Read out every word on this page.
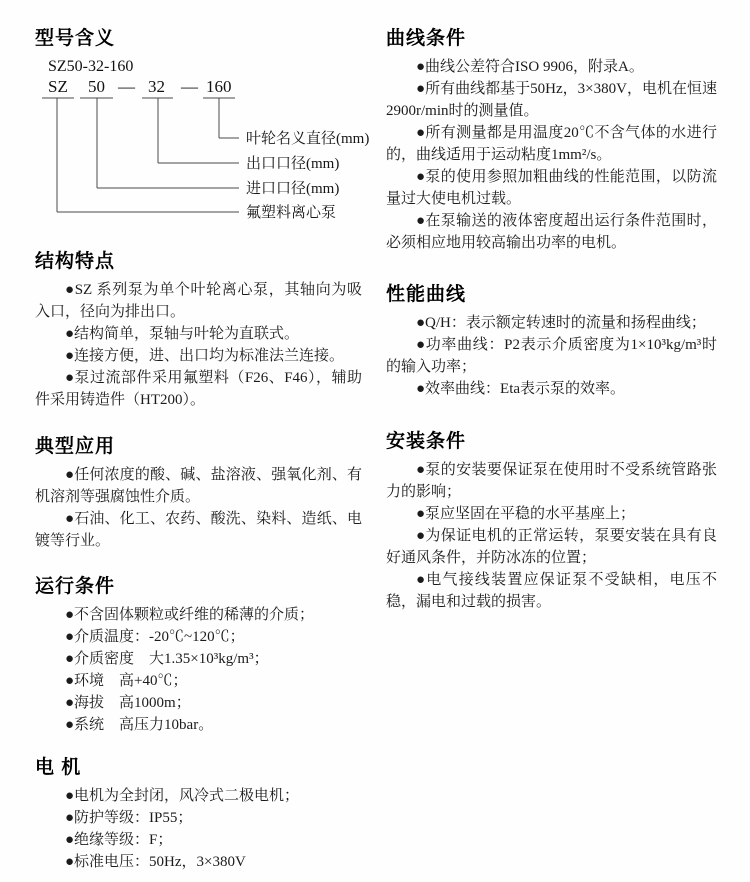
型号含义
SZ50-32-160
SZ 50 — 32 — 160
叶轮名义直径(mm)
出口口径(mm)
进口口径(mm)
氟塑料离心泵
结构特点

●SZ 系列泵为单个叶轮离心泵，其轴向为吸入口，径向为排出口。

●结构简单，泵轴与叶轮为直联式。

●连接方便，进、出口均为标准法兰连接。

●泵过流部件采用氟塑料（F26、F46），辅助件采用铸造件（HT200）。

典型应用

●任何浓度的酸、碱、盐溶液、强氧化剂、有机溶剂等强腐蚀性介质。

●石油、化工、农药、酸洗、染料、造纸、电镀等行业。

运行条件

●不含固体颗粒或纤维的稀薄的介质；

●介质温度：-20℃~120℃；

●介质密度　大1.35×10³kg/m³；

●环境　高+40℃；

●海拔　高1000m；

●系统　高压力10bar。

电 机

●电机为全封闭，风冷式二极电机；

●防护等级：IP55；

●绝缘等级：F；

●标准电压：50Hz，3×380V

曲线条件

●曲线公差符合ISO 9906，附录A。

●所有曲线都基于50Hz，3×380V，电机在恒速2900r/min时的测量值。

●所有测量都是用温度20℃不含气体的水进行的，曲线适用于运动粘度1mm²/s。

●泵的使用参照加粗曲线的性能范围，以防流量过大使电机过载。

●在泵输送的液体密度超出运行条件范围时，必须相应地用较高输出功率的电机。

性能曲线

●Q/H：表示额定转速时的流量和扬程曲线；

●功率曲线：P2表示介质密度为1×10³kg/m³时的输入功率；

●效率曲线：Eta表示泵的效率。

安装条件

●泵的安装要保证泵在使用时不受系统管路张力的影响；

●泵应坚固在平稳的水平基座上；

●为保证电机的正常运转，泵要安装在具有良好通风条件，并防冰冻的位置；

●电气接线装置应保证泵不受缺相，电压不稳，漏电和过载的损害。
